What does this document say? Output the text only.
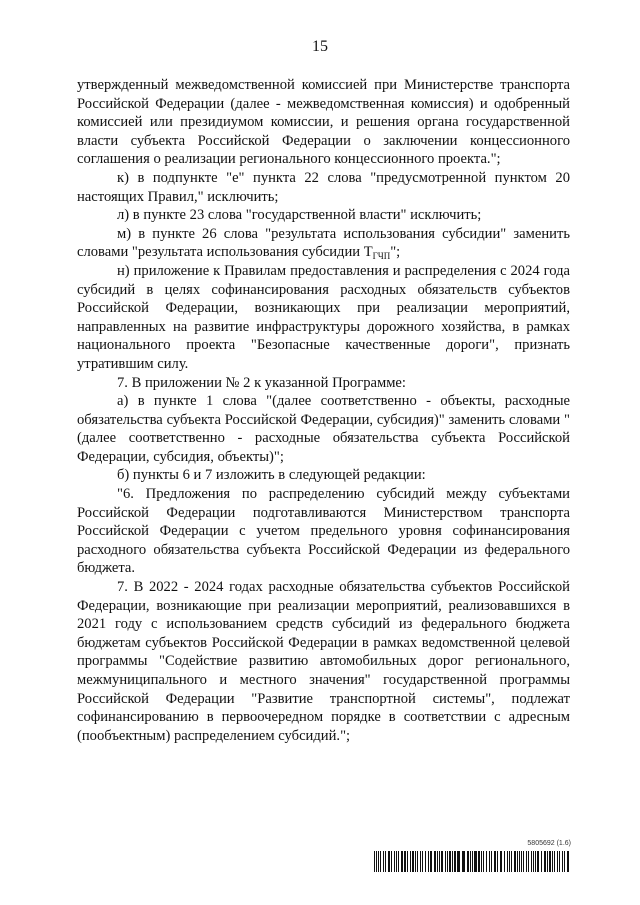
15

утвержденный межведомственной комиссией при Министерстве транспорта Российской Федерации (далее - межведомственная комиссия) и одобренный комиссией или президиумом комиссии, и решения органа государственной власти субъекта Российской Федерации о заключении концессионного соглашения о реализации регионального концессионного проекта.";

к) в подпункте "е" пункта 22 слова "предусмотренной пунктом 20 настоящих Правил," исключить;

л) в пункте 23 слова "государственной власти" исключить;

м) в пункте 26 слова "результата использования субсидии" заменить словами "результата использования субсидии $T_{ГЧП}$";

н) приложение к Правилам предоставления и распределения с 2024 года субсидий в целях софинансирования расходных обязательств субъектов Российской Федерации, возникающих при реализации мероприятий, направленных на развитие инфраструктуры дорожного хозяйства, в рамках национального проекта "Безопасные качественные дороги", признать утратившим силу.

7. В приложении № 2 к указанной Программе:

а) в пункте 1 слова "(далее соответственно - объекты, расходные обязательства субъекта Российской Федерации, субсидия)" заменить словами "(далее соответственно - расходные обязательства субъекта Российской Федерации, субсидия, объекты)";

б) пункты 6 и 7 изложить в следующей редакции:

"6. Предложения по распределению субсидий между субъектами Российской Федерации подготавливаются Министерством транспорта Российской Федерации с учетом предельного уровня софинансирования расходного обязательства субъекта Российской Федерации из федерального бюджета.

7. В 2022 - 2024 годах расходные обязательства субъектов Российской Федерации, возникающие при реализации мероприятий, реализовавшихся в 2021 году с использованием средств субсидий из федерального бюджета бюджетам субъектов Российской Федерации в рамках ведомственной целевой программы "Содействие развитию автомобильных дорог регионального, межмуниципального и местного значения" государственной программы Российской Федерации "Развитие транспортной системы", подлежат софинансированию в первоочередном порядке в соответствии с адресным (пообъектным) распределением субсидий.";

5805692 (1.6)
